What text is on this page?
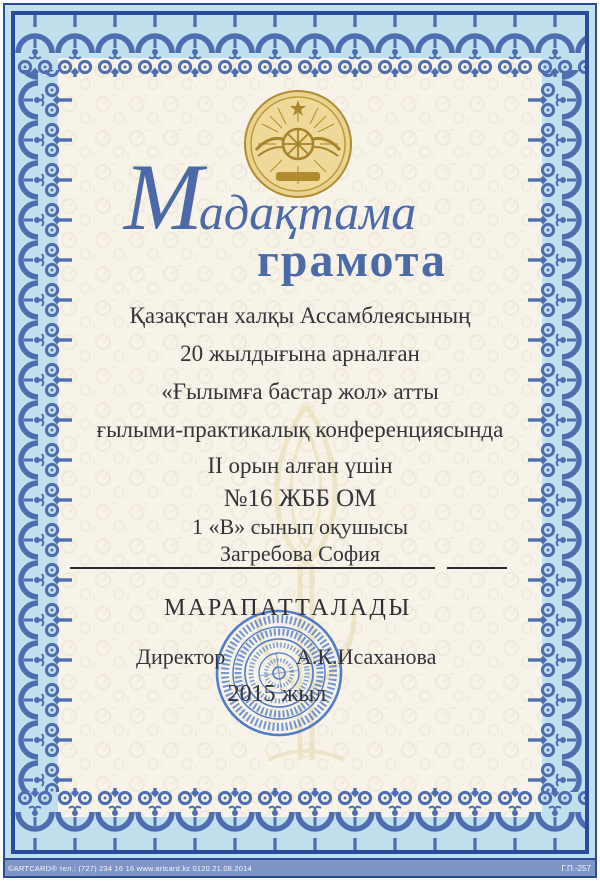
Мадақтама
грамота
Қазақстан халқы Ассамблеясының
20 жылдығына арналған
«Ғылымға бастар жол» атты
ғылыми-практикалық конференциясында
II орын алған үшін
№16 ЖББ ОМ
1 «В» сынып оқушысы
Загребова София
МАРАПАТТАЛАДЫ
Директор	А.К.Исаханова
2015 жыл
©ARTCARD® тел.: (727) 234 16 16 www.artcard.kz 0120.21.08.2014	Г.П.-257
